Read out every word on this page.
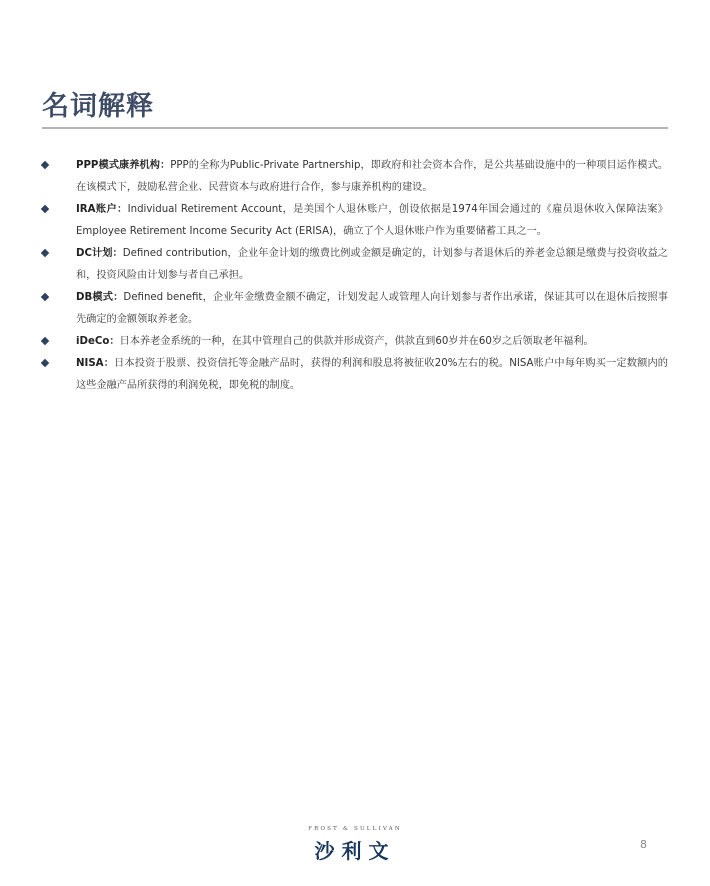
名词解释
PPP模式康养机构：PPP的全称为Public-Private Partnership，即政府和社会资本合作，是公共基础设施中的一种项目运作模式。在该模式下，鼓励私营企业、民营资本与政府进行合作，参与康养机构的建设。
IRA账户：Individual Retirement Account，是美国个人退休账户，创设依据是1974年国会通过的《雇员退休收入保障法案》Employee Retirement Income Security Act (ERISA)，确立了个人退休账户作为重要储蓄工具之一。
DC计划：Defined contribution，企业年金计划的缴费比例或金额是确定的，计划参与者退休后的养老金总额是缴费与投资收益之和，投资风险由计划参与者自己承担。
DB模式：Defined benefit，企业年金缴费金额不确定，计划发起人或管理人向计划参与者作出承诺，保证其可以在退休后按照事先确定的金额领取养老金。
iDeCo：日本养老金系统的一种，在其中管理自己的供款并形成资产，供款直到60岁并在60岁之后领取老年福利。
NISA：日本投资于股票、投资信托等金融产品时，获得的利润和股息将被征收20%左右的税。NISA账户中每年购买一定数额内的这些金融产品所获得的利润免税，即免税的制度。
FROST & SULLIVAN
沙利文	8
